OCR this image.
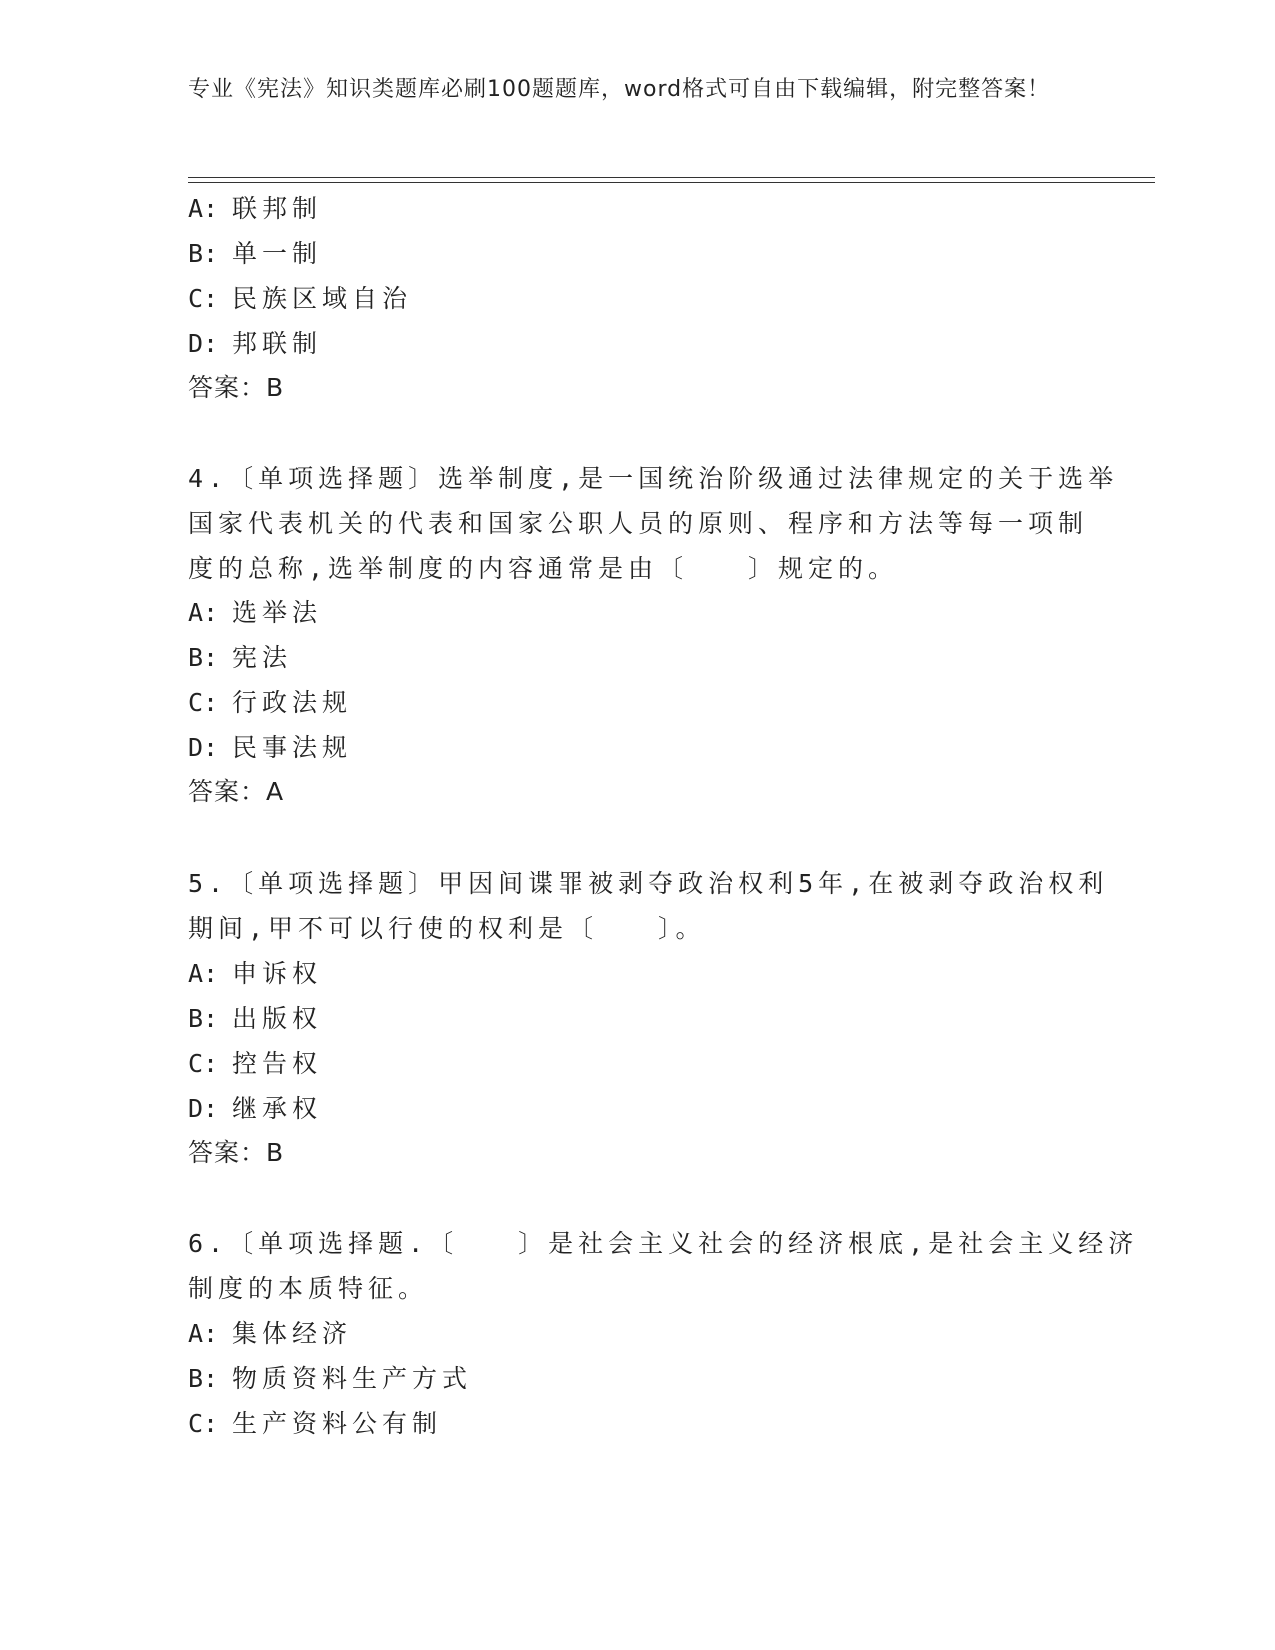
专业《宪法》知识类题库必刷100题题库，word格式可自由下载编辑，附完整答案！
A: 联邦制
B: 单一制
C: 民族区域自治
D: 邦联制
答案：B
4.〔单项选择题〕选举制度,是一国统治阶级通过法律规定的关于选举
国家代表机关的代表和国家公职人员的原则、程序和方法等每一项制
度的总称,选举制度的内容通常是由〔　　〕规定的。
A: 选举法
B: 宪法
C: 行政法规
D: 民事法规
答案：A
5.〔单项选择题〕甲因间谍罪被剥夺政治权利5年,在被剥夺政治权利
期间,甲不可以行使的权利是〔　　〕。
A: 申诉权
B: 出版权
C: 控告权
D: 继承权
答案：B
6.〔单项选择题.〔　　〕是社会主义社会的经济根底,是社会主义经济
制度的本质特征。
A: 集体经济
B: 物质资料生产方式
C: 生产资料公有制
